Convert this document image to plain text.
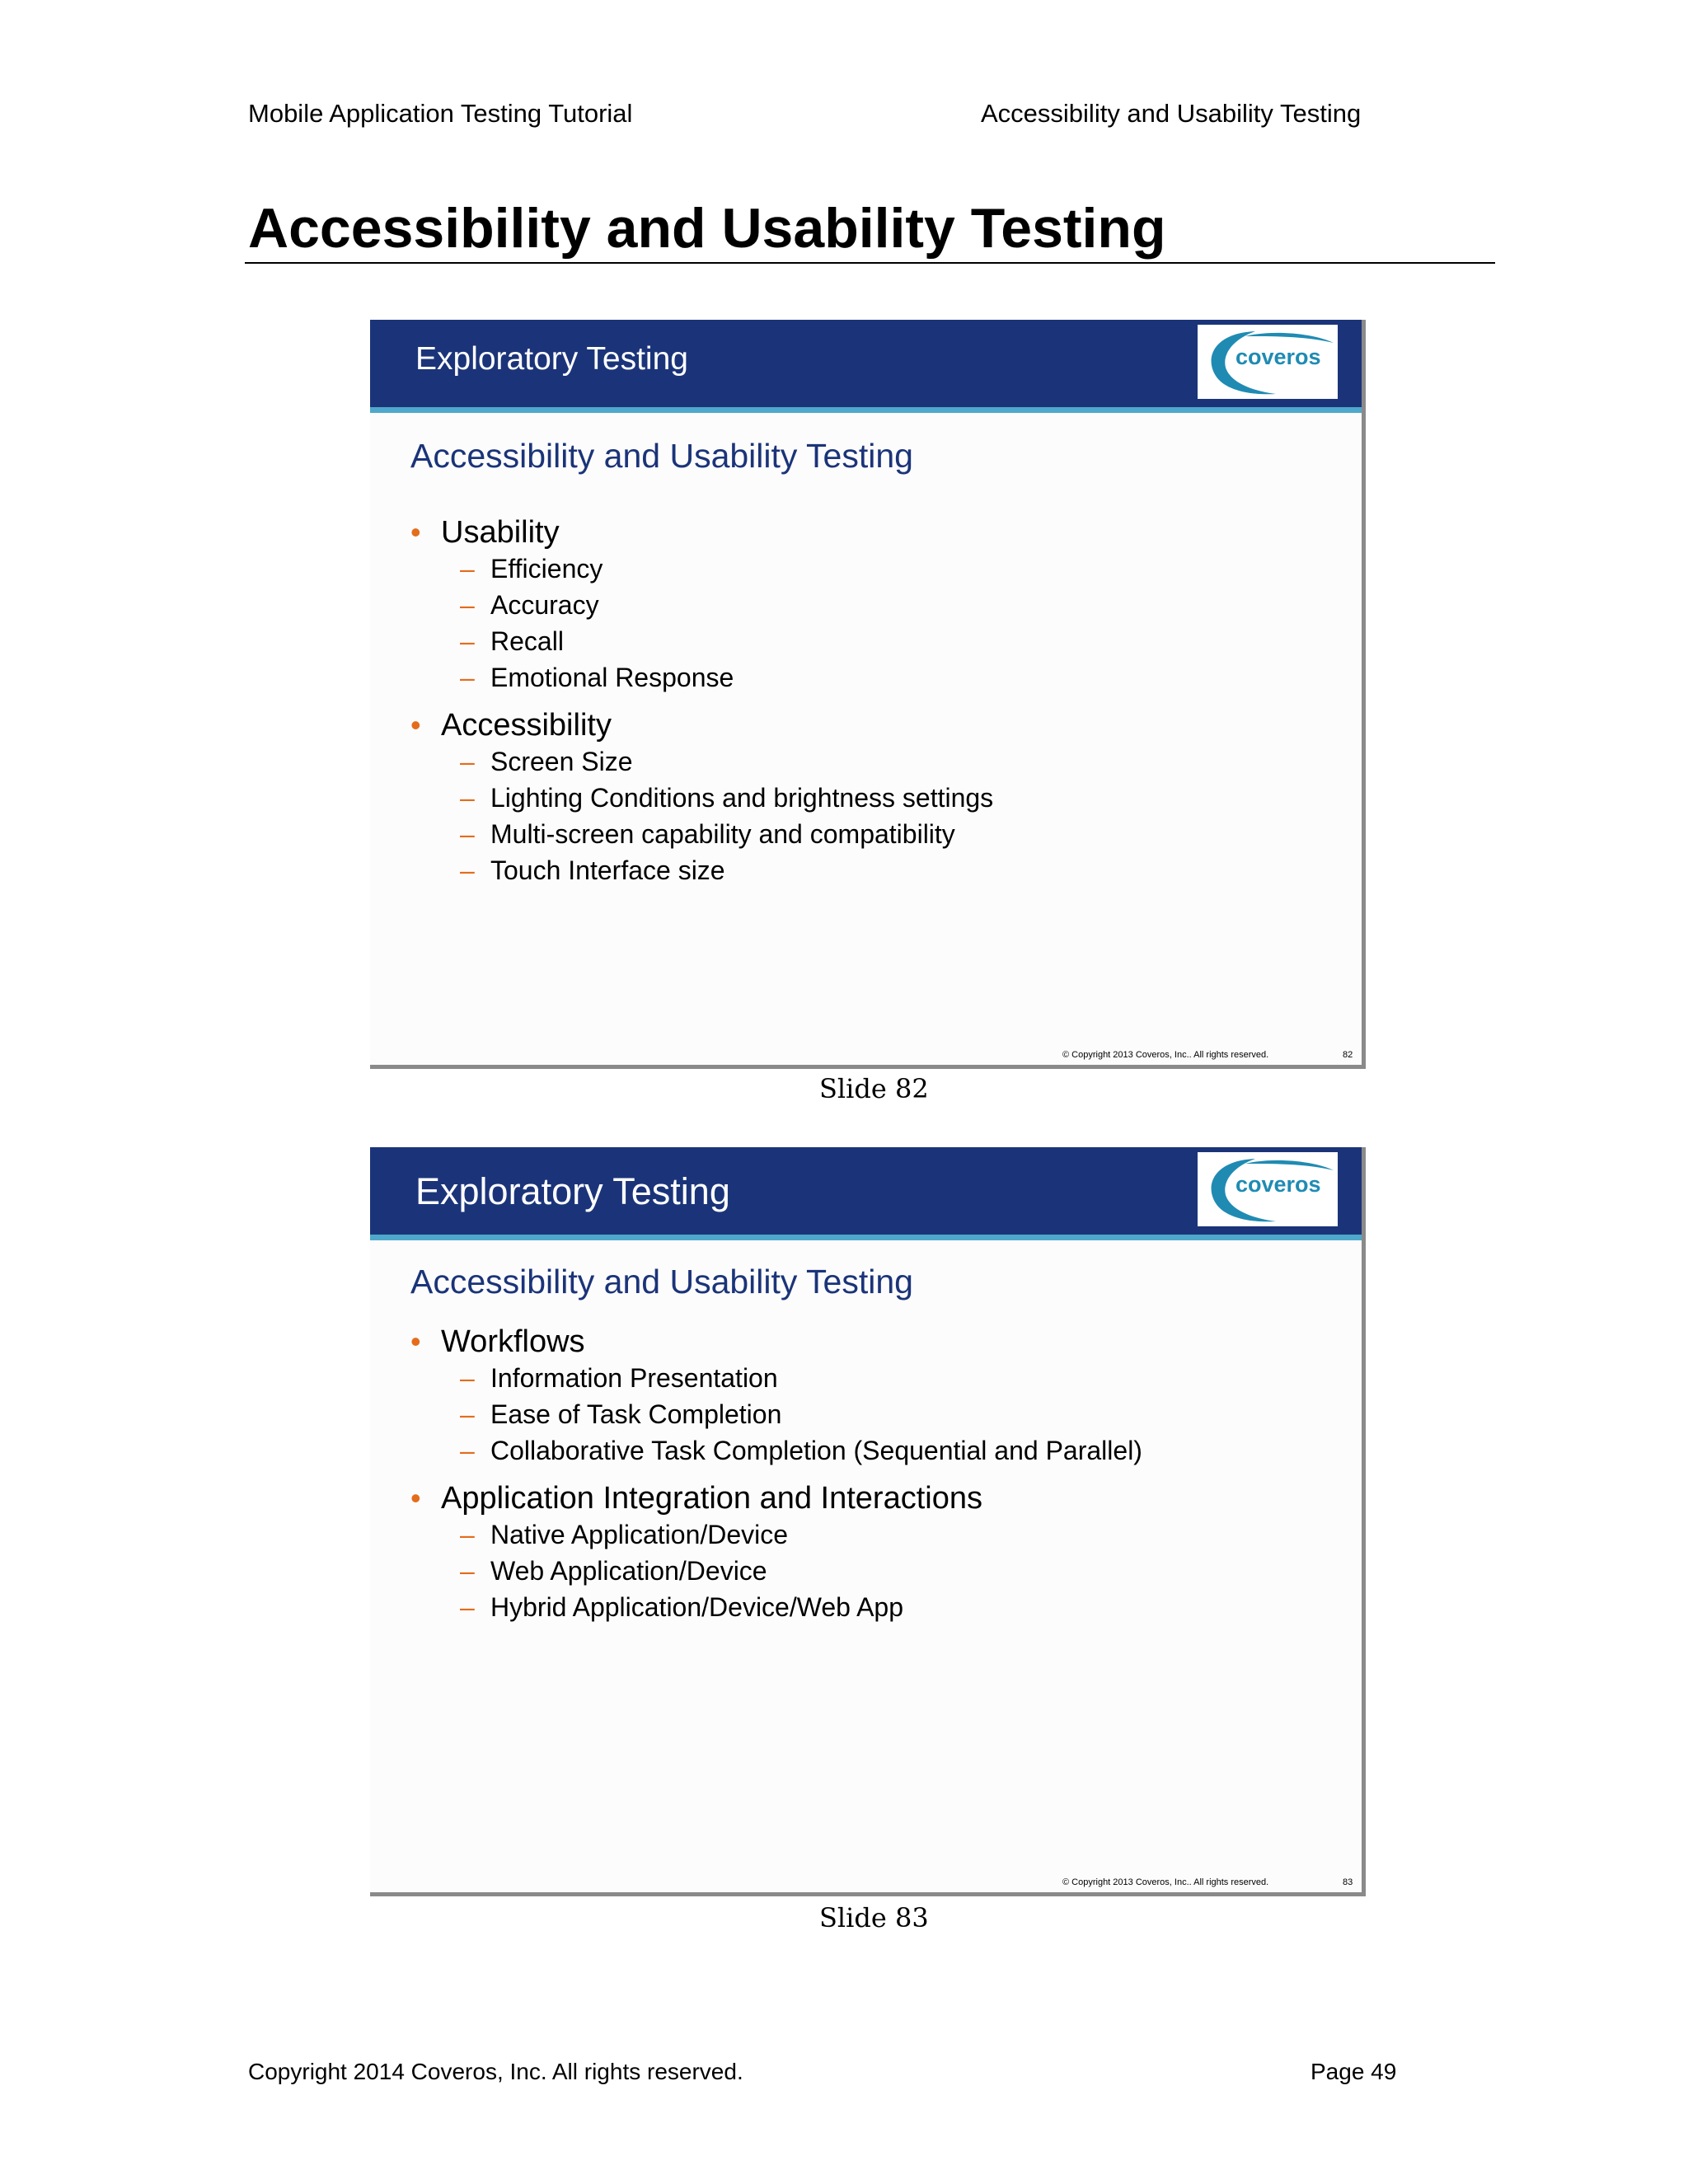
Mobile Application Testing Tutorial	Accessibility and Usability Testing
Accessibility and Usability Testing
Exploratory Testing	coveros
Accessibility and Usability Testing
• Usability
– Efficiency
– Accuracy
– Recall
– Emotional Response
• Accessibility
– Screen Size
– Lighting Conditions and brightness settings
– Multi-screen capability and compatibility
– Touch Interface size
© Copyright 2013 Coveros, Inc.. All rights reserved.	82
Slide 82
Exploratory Testing	coveros
Accessibility and Usability Testing
• Workflows
– Information Presentation
– Ease of Task Completion
– Collaborative Task Completion (Sequential and Parallel)
• Application Integration and Interactions
– Native Application/Device
– Web Application/Device
– Hybrid Application/Device/Web App
© Copyright 2013 Coveros, Inc.. All rights reserved.	83
Slide 83
Copyright 2014 Coveros, Inc. All rights reserved.	Page 49
